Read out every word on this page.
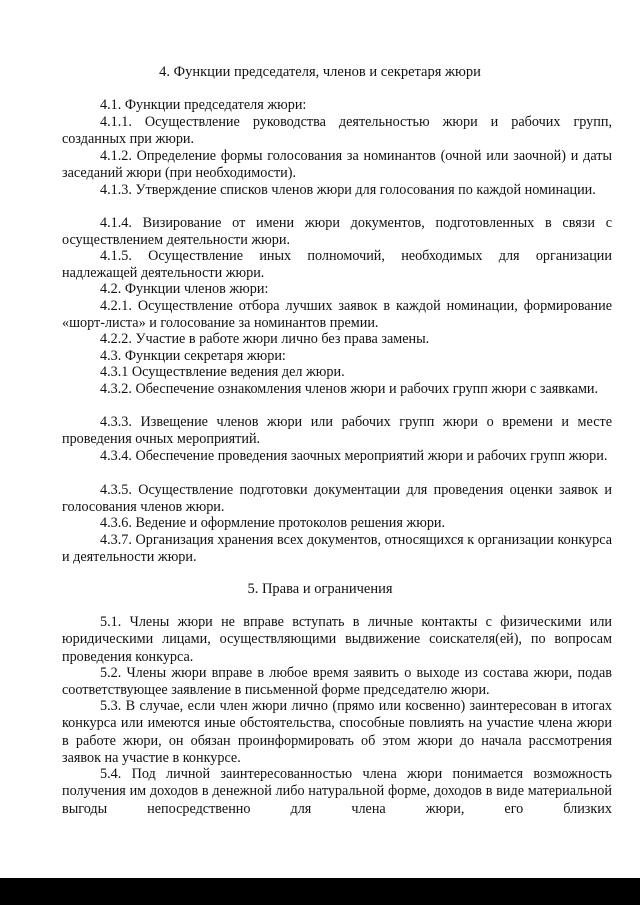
4. Функции председателя, членов и секретаря жюри

4.1. Функции председателя жюри:

4.1.1. Осуществление руководства деятельностью жюри и рабочих групп, созданных при жюри.

4.1.2. Определение формы голосования за номинантов (очной или заочной) и даты заседаний жюри (при необходимости).

4.1.3. Утверждение списков членов жюри для голосования по каждой номинации.

4.1.4. Визирование от имени жюри документов, подготовленных в связи с осуществлением деятельности жюри.

4.1.5. Осуществление иных полномочий, необходимых для организации надлежащей деятельности жюри.

4.2. Функции членов жюри:

4.2.1. Осуществление отбора лучших заявок в каждой номинации, формирование «шорт-листа» и голосование за номинантов премии.

4.2.2. Участие в работе жюри лично без права замены.

4.3. Функции секретаря жюри:

4.3.1 Осуществление ведения дел жюри.

4.3.2. Обеспечение ознакомления членов жюри и рабочих групп жюри с заявками.

4.3.3. Извещение членов жюри или рабочих групп жюри о времени и месте проведения очных мероприятий.

4.3.4. Обеспечение проведения заочных мероприятий жюри и рабочих групп жюри.

4.3.5. Осуществление подготовки документации для проведения оценки заявок и голосования членов жюри.

4.3.6. Ведение и оформление протоколов решения жюри.

4.3.7. Организация хранения всех документов, относящихся к организации конкурса и деятельности жюри.

5. Права и ограничения

5.1. Члены жюри не вправе вступать в личные контакты с физическими или юридическими лицами, осуществляющими выдвижение соискателя(ей), по вопросам проведения конкурса.

5.2. Члены жюри вправе в любое время заявить о выходе из состава жюри, подав соответствующее заявление в письменной форме председателю жюри.

5.3. В случае, если член жюри лично (прямо или косвенно) заинтересован в итогах конкурса или имеются иные обстоятельства, способные повлиять на участие члена жюри в работе жюри, он обязан проинформировать об этом жюри до начала рассмотрения заявок на участие в конкурсе.

5.4. Под личной заинтересованностью члена жюри понимается возможность получения им доходов в денежной либо натуральной форме, доходов в виде материальной выгоды непосредственно для члена жюри, его близких
